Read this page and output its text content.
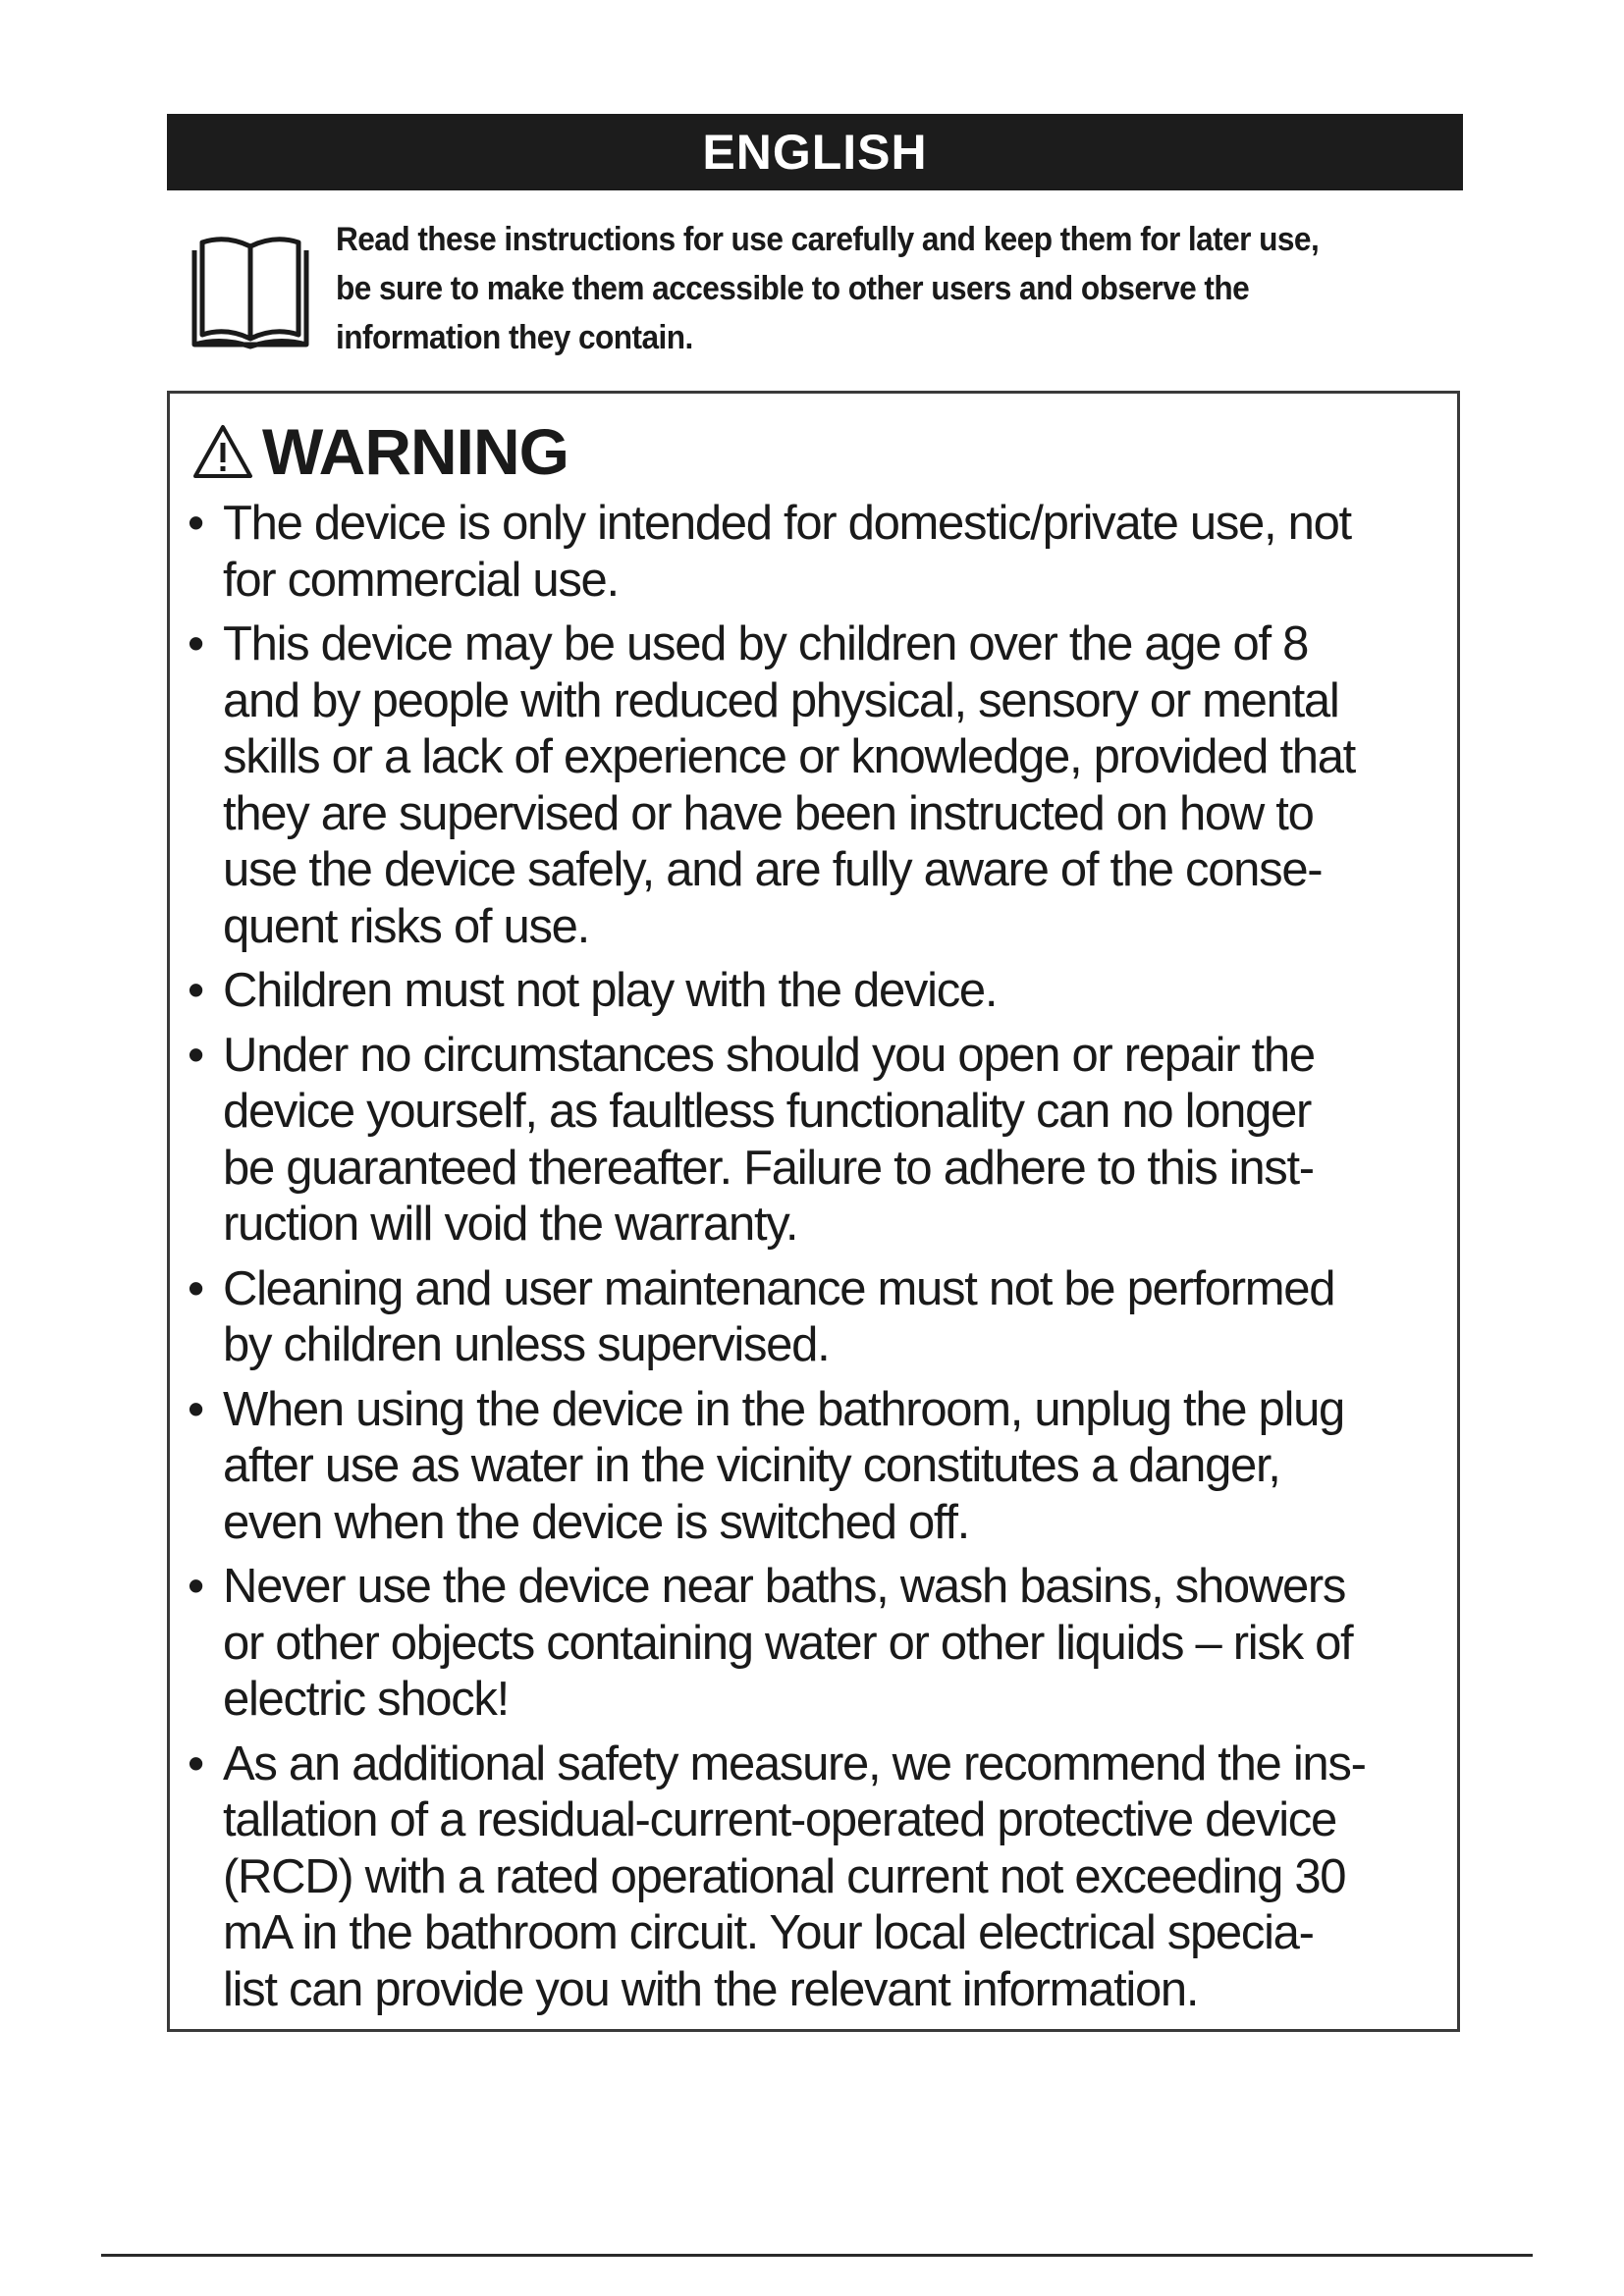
ENGLISH
Read these instructions for use carefully and keep them for later use,
be sure to make them accessible to other users and observe the
information they contain.
WARNING
• The device is only intended for domestic/private use, not
for commercial use.
• This device may be used by children over the age of 8
and by people with reduced physical, sensory or mental
skills or a lack of experience or knowledge, provided that
they are supervised or have been instructed on how to
use the device safely, and are fully aware of the conse-
quent risks of use.
• Children must not play with the device.
• Under no circumstances should you open or repair the
device yourself, as faultless functionality can no longer
be guaranteed thereafter. Failure to adhere to this inst-
ruction will void the warranty.
• Cleaning and user maintenance must not be performed
by children unless supervised.
• When using the device in the bathroom, unplug the plug
after use as water in the vicinity constitutes a danger,
even when the device is switched off.
• Never use the device near baths, wash basins, showers
or other objects containing water or other liquids – risk of
electric shock!
• As an additional safety measure, we recommend the ins-
tallation of a residual-current-operated protective device
(RCD) with a rated operational current not exceeding 30
mA in the bathroom circuit. Your local electrical specia-
list can provide you with the relevant information.
